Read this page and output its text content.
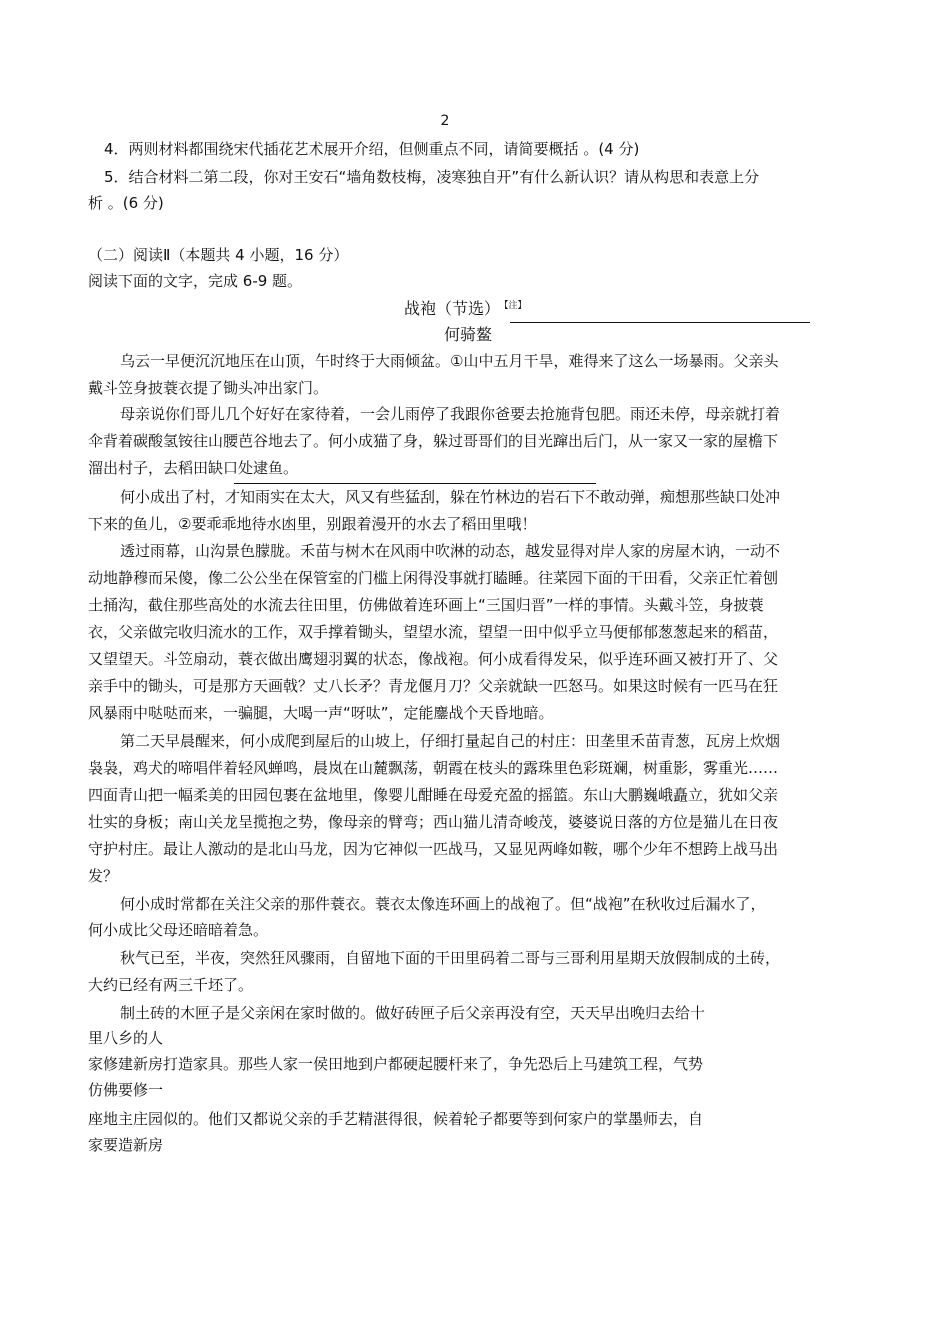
2
4．两则材料都围绕宋代插花艺术展开介绍，但侧重点不同，请简要概括 。(4 分)
5．结合材料二第二段，你对王安石“墙角数枝梅，凌寒独自开”有什么新认识？请从构思和表意上分
析 。(6 分)
（二）阅读Ⅱ（本题共 4 小题，16 分）
阅读下面的文字，完成 6-9 题。
战袍（节选） $^{【注】}$
何骑鳌
乌云一早便沉沉地压在山顶，午时终于大雨倾盆。①山中五月干旱，难得来了这么一场暴雨。父亲头
戴斗笠身披蓑衣提了锄头冲出家门。
母亲说你们哥儿几个好好在家待着，一会儿雨停了我跟你爸要去抢施背包肥。雨还未停，母亲就打着
伞背着碳酸氢铵往山腰芭谷地去了。何小成猫了身，躲过哥哥们的目光蹿出后门，从一家又一家的屋檐下
溜出村子，去稻田缺口处逮鱼。
何小成出了村，才知雨实在太大，风又有些猛刮，躲在竹林边的岩石下不敢动弹，痴想那些缺口处冲
下来的鱼儿，②要乖乖地待水凼里，别跟着漫开的水去了稻田里哦！
透过雨幕，山沟景色朦胧。禾苗与树木在风雨中吹淋的动态，越发显得对岸人家的房屋木讷，一动不
动地静穆而呆傻，像二公公坐在保管室的门槛上闲得没事就打瞌睡。往菜园下面的干田看，父亲正忙着刨
土捅沟，截住那些高处的水流去往田里，仿佛做着连环画上“三国归晋”一样的事情。头戴斗笠，身披蓑
衣，父亲做完收归流水的工作，双手撑着锄头，望望水流，望望一田中似乎立马便郁郁葱葱起来的稻苗，
又望望天。斗笠扇动，蓑衣做出鹰翅羽翼的状态，像战袍。何小成看得发呆，似乎连环画又被打开了、父
亲手中的锄头，可是那方天画戟？丈八长矛？青龙偃月刀？父亲就缺一匹怒马。如果这时候有一匹马在狂
风暴雨中哒哒而来，一骗腿，大喝一声“呀呔”，定能鏖战个天昏地暗。
第二天早晨醒来，何小成爬到屋后的山坡上，仔细打量起自己的村庄：田垄里禾苗青葱，瓦房上炊烟
袅袅，鸡犬的啼唱伴着轻风蝉鸣，晨岚在山麓飘荡，朝霞在枝头的露珠里色彩斑斓，树重影，雾重光……
四面青山把一幅柔美的田园包裹在盆地里，像婴儿酣睡在母爱充盈的摇篮。东山大鹏巍峨矗立，犹如父亲
壮实的身板；南山关龙呈揽抱之势，像母亲的臂弯；西山猫儿清奇峻茂，婆婆说日落的方位是猫儿在日夜
守护村庄。最让人激动的是北山马龙，因为它神似一匹战马，又显见两峰如鞍，哪个少年不想跨上战马出
发？
何小成时常都在关注父亲的那件蓑衣。蓑衣太像连环画上的战袍了。但“战袍”在秋收过后漏水了，
何小成比父母还暗暗着急。
秋气已至，半夜，突然狂风骤雨，自留地下面的干田里码着二哥与三哥利用星期天放假制成的土砖，
大约已经有两三千坯了。
制土砖的木匣子是父亲闲在家时做的。做好砖匣子后父亲再没有空，天天早出晚归去给十
里八乡的人
家修建新房打造家具。那些人家一侯田地到户都硬起腰杆来了，争先恐后上马建筑工程，气势
仿佛要修一
座地主庄园似的。他们又都说父亲的手艺精湛得很，候着轮子都要等到何家户的掌墨师去，自
家要造新房
